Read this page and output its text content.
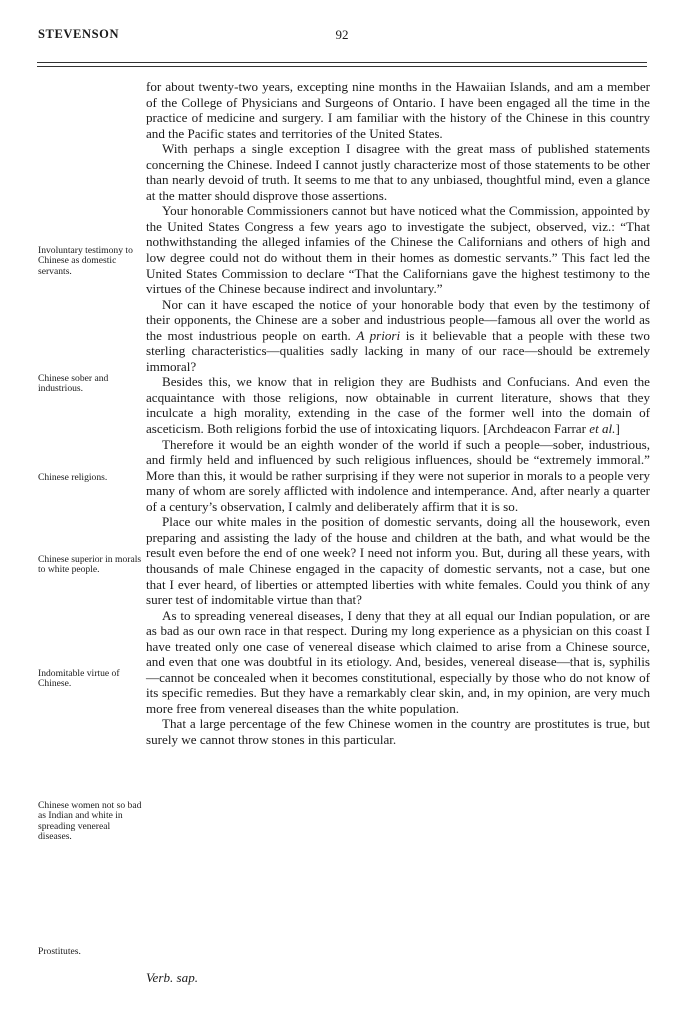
STEVENSON	92
Involuntary testimony to Chinese as domestic servants.
Chinese sober and industrious.
Chinese religions.
Chinese superior in morals to white people.
Indomitable virtue of Chinese.
Chinese women not so bad as Indian and white in spreading venereal diseases.
Prostitutes.

for about twenty-two years, excepting nine months in the Hawaiian Islands, and am a member of the College of Physicians and Surgeons of Ontario. I have been engaged all the time in the practice of medicine and surgery. I am familiar with the history of the Chinese in this country and the Pacific states and territories of the United States.

With perhaps a single exception I disagree with the great mass of published statements concerning the Chinese. Indeed I cannot justly characterize most of those statements to be other than nearly devoid of truth. It seems to me that to any unbiased, thoughtful mind, even a glance at the matter should disprove those assertions.

Your honorable Commissioners cannot but have noticed what the Commission, appointed by the United States Congress a few years ago to investigate the subject, observed, viz.: “That nothwithstanding the alleged infamies of the Chinese the Californians and others of high and low degree could not do without them in their homes as domestic servants.” This fact led the United States Commission to declare “That the Californians gave the highest testimony to the virtues of the Chinese because indirect and involuntary.”

Nor can it have escaped the notice of your honorable body that even by the testimony of their opponents, the Chinese are a sober and industrious people—famous all over the world as the most industrious people on earth. A priori is it believable that a people with these two sterling characteristics—qualities sadly lacking in many of our race—should be extremely immoral?

Besides this, we know that in religion they are Budhists and Confucians. And even the acquaintance with those religions, now obtainable in current literature, shows that they inculcate a high morality, extending in the case of the former well into the domain of asceticism. Both religions forbid the use of intoxicating liquors. [Archdeacon Farrar et al.]

Therefore it would be an eighth wonder of the world if such a people—sober, industrious, and firmly held and influenced by such religious influences, should be “extremely immoral.” More than this, it would be rather surprising if they were not superior in morals to a people very many of whom are sorely afflicted with indolence and intemperance. And, after nearly a quarter of a century’s observation, I calmly and deliberately affirm that it is so.

Place our white males in the position of domestic servants, doing all the housework, even preparing and assisting the lady of the house and children at the bath, and what would be the result even before the end of one week? I need not inform you. But, during all these years, with thousands of male Chinese engaged in the capacity of domestic servants, not a case, but one that I ever heard, of liberties or attempted liberties with white females. Could you think of any surer test of indomitable virtue than that?

As to spreading venereal diseases, I deny that they at all equal our Indian population, or are as bad as our own race in that respect. During my long experience as a physician on this coast I have treated only one case of venereal disease which claimed to arise from a Chinese source, and even that one was doubtful in its etiology. And, besides, venereal disease—that is, syphilis—cannot be concealed when it becomes constitutional, especially by those who do not know of its specific remedies. But they have a remarkably clear skin, and, in my opinion, are very much more free from venereal diseases than the white population.

That a large percentage of the few Chinese women in the country are prostitutes is true, but surely we cannot throw stones in this particular.

Verb. sap.
